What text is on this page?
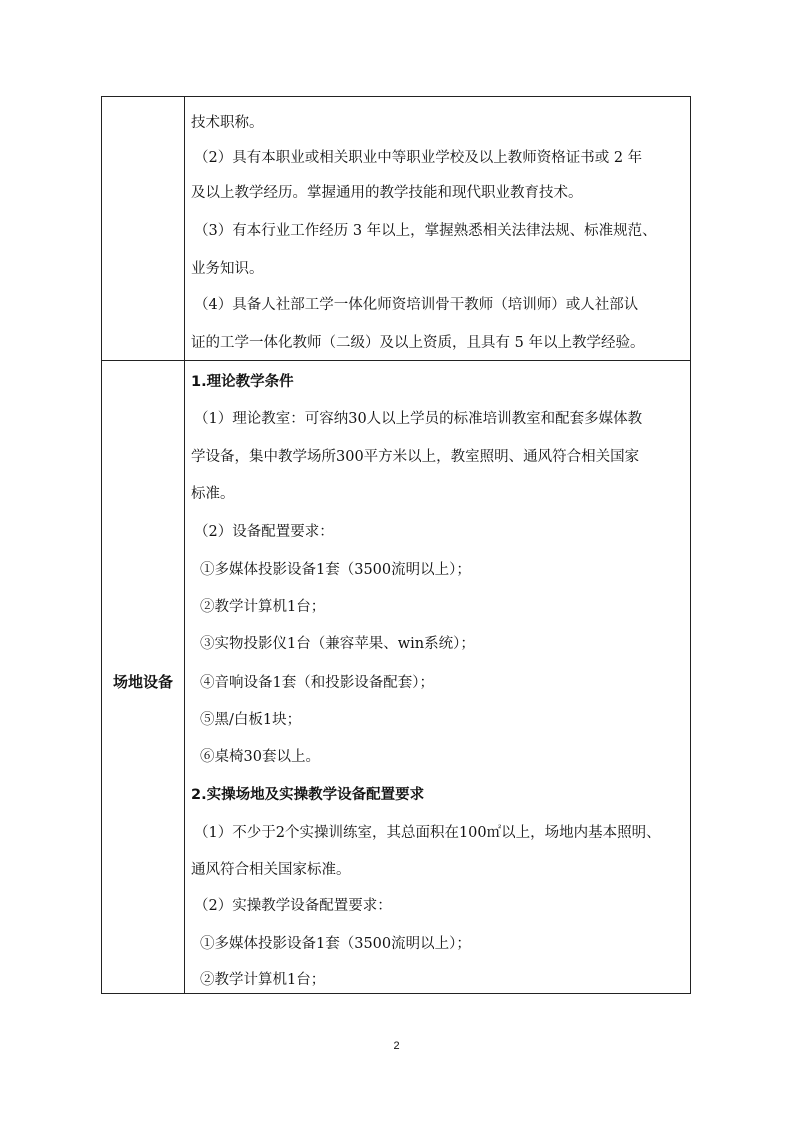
场地设备
技术职称。
（2）具有本职业或相关职业中等职业学校及以上教师资格证书或 2 年
及以上教学经历。掌握通用的教学技能和现代职业教育技术。
（3）有本行业工作经历 3 年以上，掌握熟悉相关法律法规、标准规范、
业务知识。
（4）具备人社部工学一体化师资培训骨干教师（培训师）或人社部认
证的工学一体化教师（二级）及以上资质，且具有 5 年以上教学经验。
1.理论教学条件
（1）理论教室：可容纳30人以上学员的标准培训教室和配套多媒体教
学设备，集中教学场所300平方米以上，教室照明、通风符合相关国家
标准。
（2）设备配置要求：
①多媒体投影设备1套（3500流明以上）；
②教学计算机1台；
③实物投影仪1台（兼容苹果、win系统）；
④音响设备1套（和投影设备配套）；
⑤黑/白板1块；
⑥桌椅30套以上。
2.实操场地及实操教学设备配置要求
（1）不少于2个实操训练室，其总面积在100㎡以上，场地内基本照明、
通风符合相关国家标准。
（2）实操教学设备配置要求：
①多媒体投影设备1套（3500流明以上）；
②教学计算机1台；
2
